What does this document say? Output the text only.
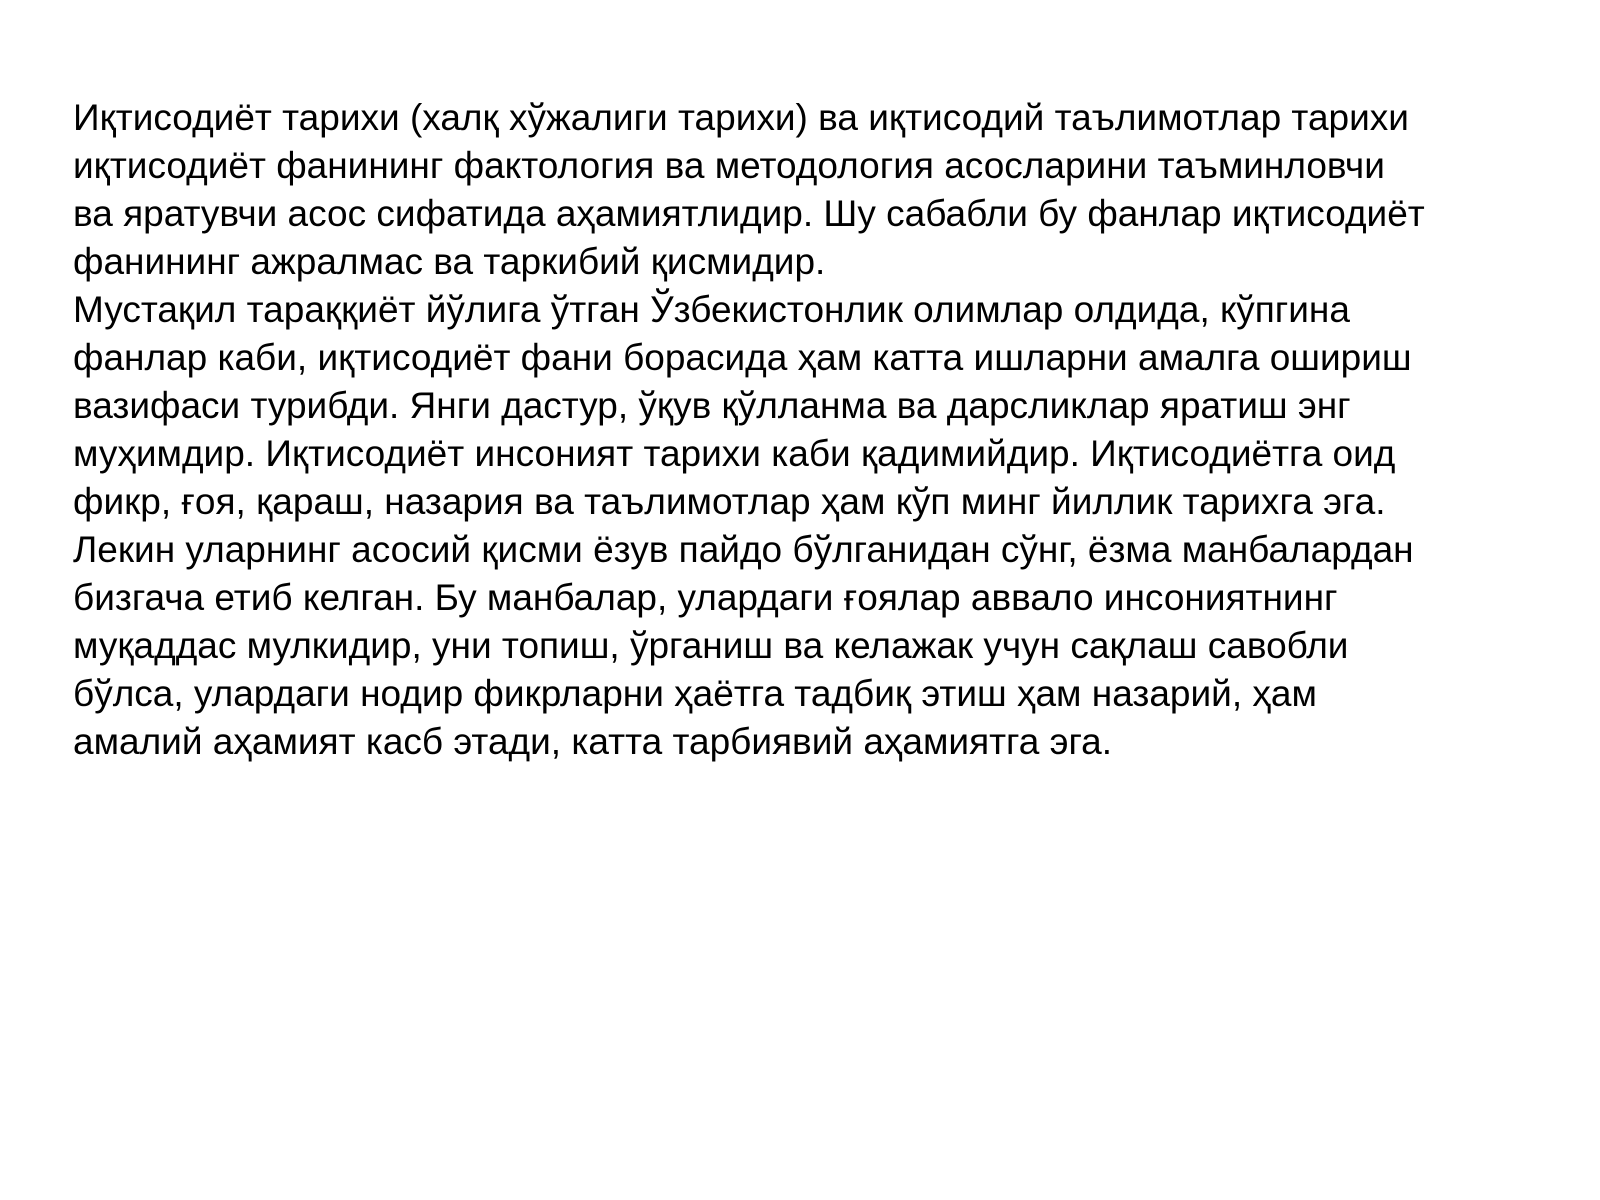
Иқтисодиёт тарихи (халқ хўжалиги тарихи) ва иқтисодий таълимотлар тарихи
иқтисодиёт фанининг фактология ва методология асосларини таъминловчи
ва яратувчи асос сифатида аҳамиятлидир. Шу сабабли бу фанлар иқтисодиёт
фанининг ажралмас ва таркибий қисмидир.
Мустақил тараққиёт йўлига ўтган Ўзбекистонлик олимлар олдида, кўпгина
фанлар каби, иқтисодиёт фани борасида ҳам катта ишларни амалга ошириш
вазифаси турибди. Янги дастур, ўқув қўлланма ва дарсликлар яратиш энг
муҳимдир. Иқтисодиёт инсоният тарихи каби қадимийдир. Иқтисодиётга оид
фикр, ғоя, қараш, назария ва таълимотлар ҳам кўп минг йиллик тарихга эга.
Лекин уларнинг асосий қисми ёзув пайдо бўлганидан сўнг, ёзма манбалардан
бизгача етиб келган. Бу манбалар, улардаги ғоялар аввало инсониятнинг
муқаддас мулкидир, уни топиш, ўрганиш ва келажак учун сақлаш савобли
бўлса, улардаги нодир фикрларни ҳаётга тадбиқ этиш ҳам назарий, ҳам
амалий аҳамият касб этади, катта тарбиявий аҳамиятга эга.
